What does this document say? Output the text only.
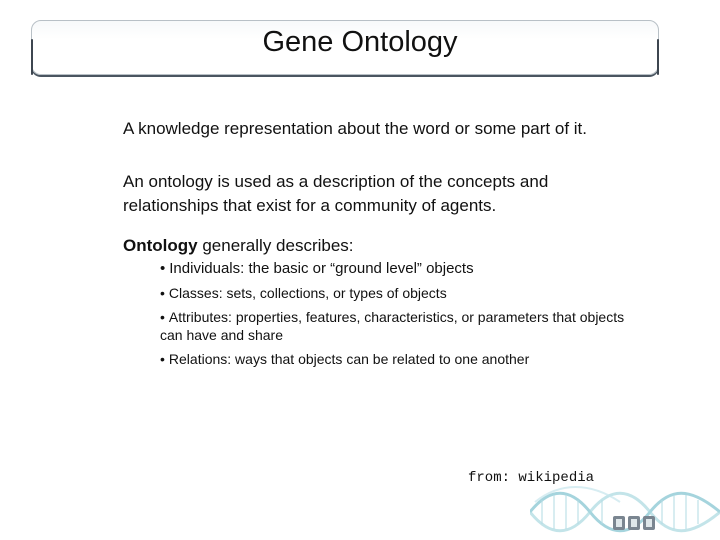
Gene Ontology

A knowledge representation about the word or some part of it.

An ontology is used as a description of the concepts and relationships that exist for a community of agents.

Ontology generally describes:

• Individuals: the basic or “ground level” objects
• Classes: sets, collections, or types of objects
• Attributes: properties, features, characteristics, or parameters that objects can have and share
• Relations: ways that objects can be related to one another

from: wikipedia
